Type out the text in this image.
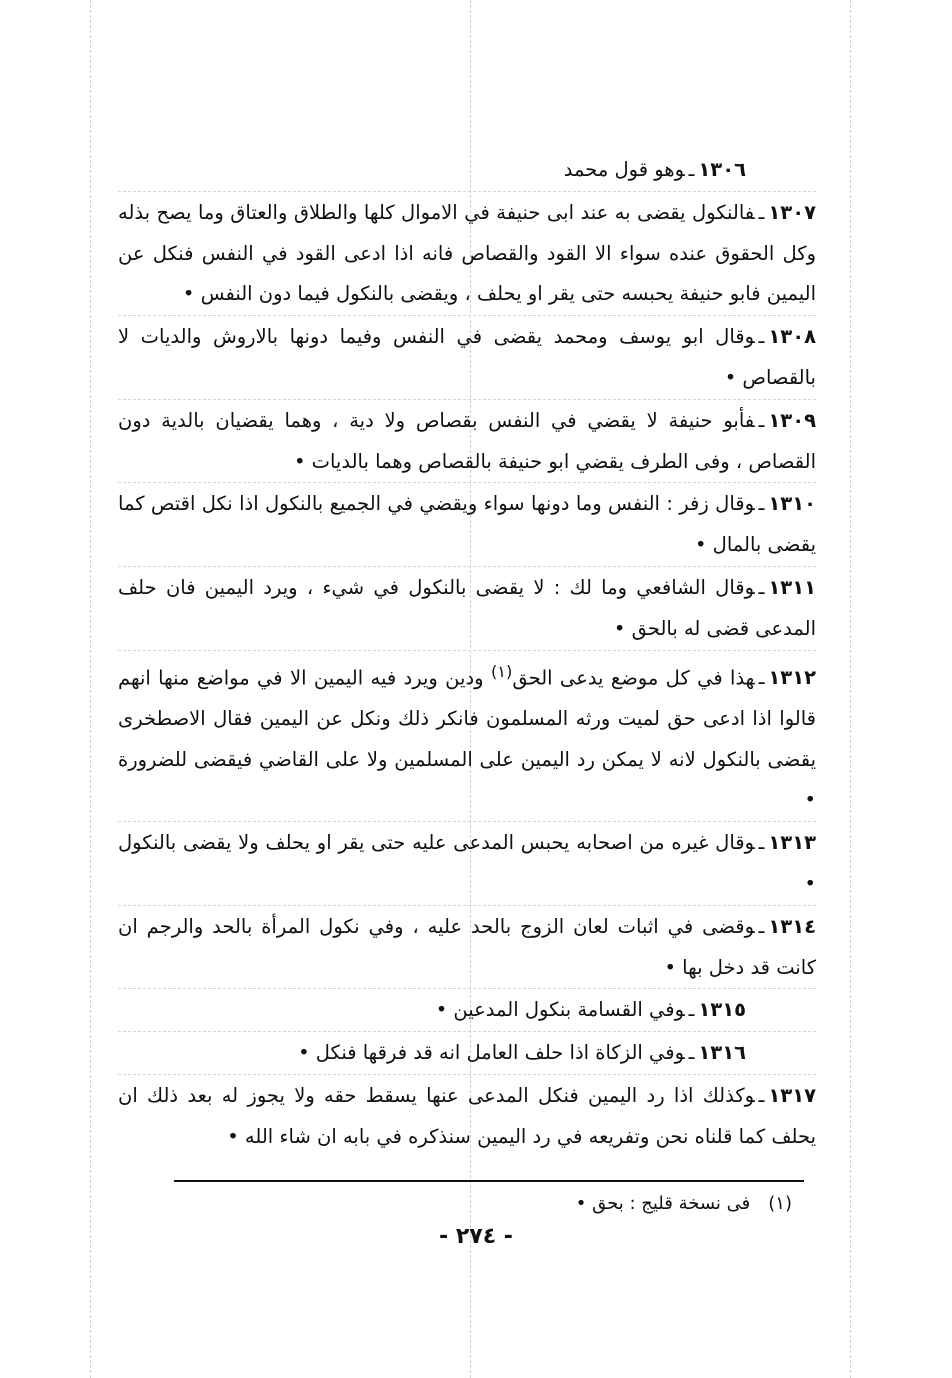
١٣٠٦ـوهو قول محمد

١٣٠٧ـفالنكول يقضى به عند ابى حنيفة في الاموال كلها والطلاق والعتاق وما يصح بذله وكل الحقوق عنده سواء الا القود والقصاص فانه اذا ادعى القود في النفس فنكل عن اليمين فابو حنيفة يحبسه حتى يقر او يحلف ، ويقضى بالنكول فيما دون النفس •

١٣٠٨ـوقال ابو يوسف ومحمد يقضى في النفس وفيما دونها بالاروش والديات لا بالقصاص •

١٣٠٩ـفأبو حنيفة لا يقضي في النفس بقصاص ولا دية ، وهما يقضيان بالدية دون القصاص ، وفى الطرف يقضي ابو حنيفة بالقصاص وهما بالديات •

١٣١٠ـوقال زفر : النفس وما دونها سواء ويقضي في الجميع بالنكول اذا نكل اقتص كما يقضى بالمال •

١٣١١ـوقال الشافعي وما لك : لا يقضى بالنكول في شيء ، ويرد اليمين فان حلف المدعى قضى له بالحق •

١٣١٢ـهذا في كل موضع يدعى الحق$^{(١)}$ ودين ويرد فيه اليمين الا في مواضع منها انهم قالوا اذا ادعى حق لميت ورثه المسلمون فانكر ذلك ونكل عن اليمين فقال الاصطخرى يقضى بالنكول لانه لا يمكن رد اليمين على المسلمين ولا على القاضي فيقضى للضرورة •

١٣١٣ـوقال غيره من اصحابه يحبس المدعى عليه حتى يقر او يحلف ولا يقضى بالنكول •

١٣١٤ـوقضى في اثبات لعان الزوج بالحد عليه ، وفي نكول المرأة بالحد والرجم ان كانت قد دخل بها •

١٣١٥ـوفي القسامة بنكول المدعين •

١٣١٦ـوفي الزكاة اذا حلف العامل انه قد فرقها فنكل •

١٣١٧ـوكذلك اذا رد اليمين فنكل المدعى عنها يسقط حقه ولا يجوز له بعد ذلك ان يحلف كما قلناه نحن وتفريعه في رد اليمين سنذكره في بابه ان شاء الله •

(١)فى نسخة قليج : بحق •
- ٢٧٤ -
